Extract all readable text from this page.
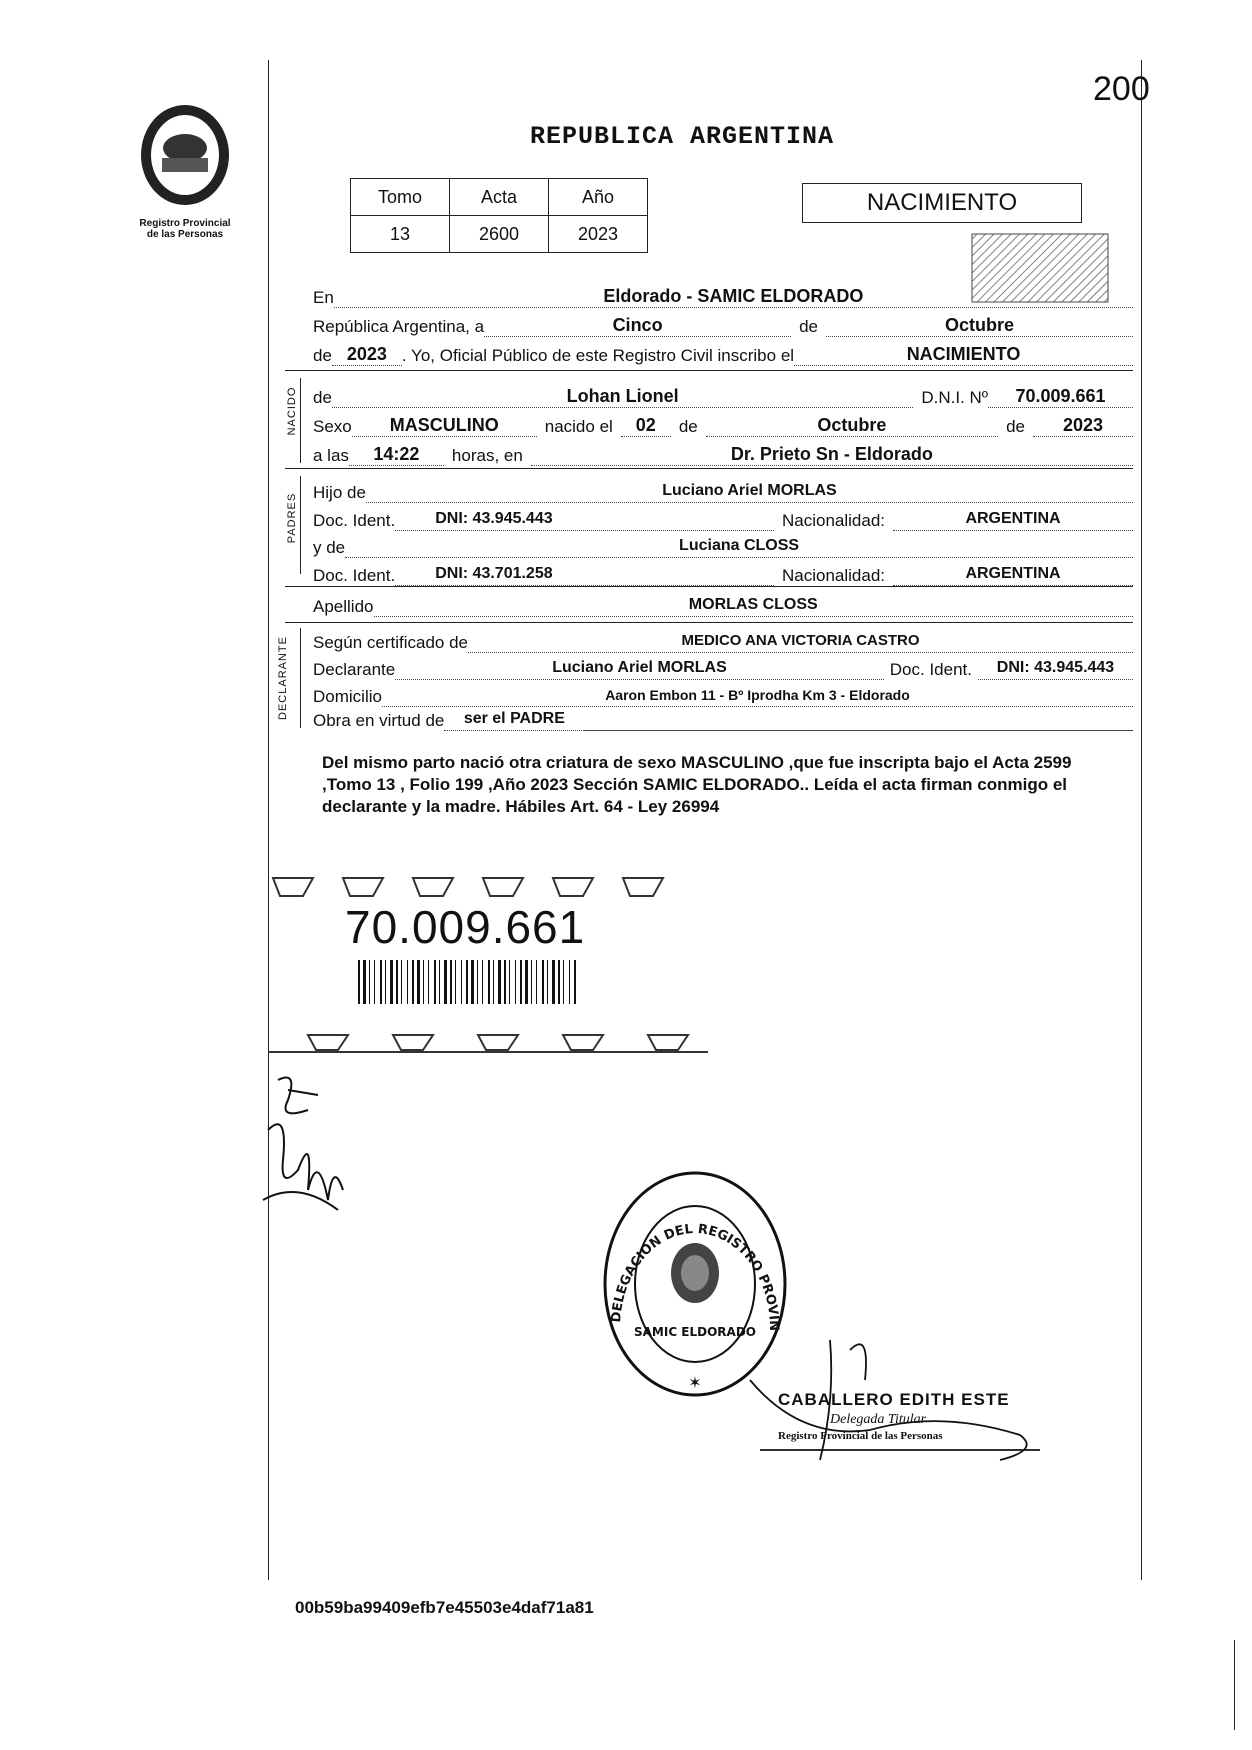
200
Registro Provincial
de las Personas
REPUBLICA ARGENTINA
Tomo	Acta	Año
13	2600	2023
NACIMIENTO
En	Eldorado - SAMIC ELDORADO
República Argentina, a	Cinco	de	Octubre
de 2023 . Yo, Oficial Público de este Registro Civil inscribo el	NACIMIENTO
NACIDO de	Lohan Lionel	D.N.I. Nº	70.009.661
Sexo	MASCULINO	nacido el	02	de	Octubre	de	2023
a las	14:22	horas, en	Dr. Prieto Sn - Eldorado
PADRES
Hijo de	Luciano Ariel MORLAS
Doc. Ident.	DNI: 43.945.443	Nacionalidad:	ARGENTINA
y de	Luciana CLOSS
Doc. Ident.	DNI: 43.701.258	Nacionalidad:	ARGENTINA
Apellido	MORLAS CLOSS
DECLARANTE Según certificado de	MEDICO ANA VICTORIA CASTRO
Declarante	Luciano Ariel MORLAS	Doc. Ident.	DNI: 43.945.443
Domicilio	Aaron Embon 11 - Bº Iprodha Km 3 - Eldorado
Obra en virtud de	ser el PADRE
Del mismo parto nació otra criatura de sexo MASCULINO ,que fue inscripta bajo el Acta 2599 ,Tomo 13 , Folio 199 ,Año 2023 Sección SAMIC ELDORADO.. Leída el acta firman conmigo el declarante y la madre. Hábiles Art. 64 - Ley 26994
70.009.661
DELEGACION DEL REGISTRO PROVIN
SAMIC ELDORADO
✶
CABALLERO EDITH ESTE
Delegada Titular
Registro Provincial de las Personas
00b59ba99409efb7e45503e4daf71a81
